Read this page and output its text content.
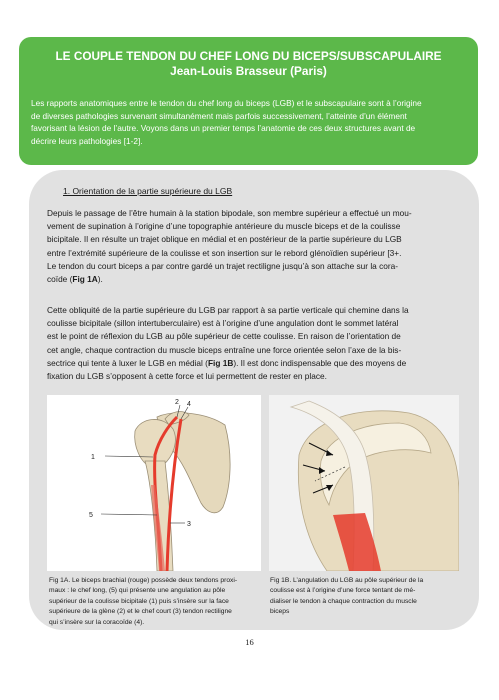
LE COUPLE TENDON DU CHEF LONG DU BICEPS/SUBSCAPULAIRE
Jean-Louis Brasseur (Paris)
Les rapports anatomiques entre le tendon du chef long du biceps (LGB) et le subscapulaire sont à l’origine
de diverses pathologies survenant simultanément mais parfois successivement, l’atteinte d’un élément
favorisant la lésion de l’autre. Voyons dans un premier temps l’anatomie de ces deux structures avant de
décrire leurs pathologies [1-2].
1. Orientation de la partie supérieure du LGB
Depuis le passage de l’être humain à la station bipodale, son membre supérieur a effectué un mou-
vement de supination à l’origine d’une topographie antérieure du muscle biceps et de la coulisse
bicipitale. Il en résulte un trajet oblique en médial et en postérieur de la partie supérieure du LGB
entre l’extrémité supérieure de la coulisse et son insertion sur le rebord glénoïdien supérieur [3+.
Le tendon du court biceps a par contre gardé un trajet rectiligne jusqu’à son attache sur la cora-
coïde (Fig 1A).
Cette obliquité de la partie supérieure du LGB par rapport à sa partie verticale qui chemine dans la
coulisse bicipitale (sillon intertuberculaire) est à l’origine d’une angulation dont le sommet latéral
est le point de réflexion du LGB au pôle supérieur de cette coulisse. En raison de l’orientation de
cet angle, chaque contraction du muscle biceps entraîne une force orientée selon l’axe de la bis-
sectrice qui tente à luxer le LGB en médial (Fig 1B). Il est donc indispensable que des moyens de
fixation du LGB s’opposent à cette force et lui permettent de rester en place.
2 4
1
5
3
Fig 1A. Le biceps brachial (rouge) possède deux tendons proxi-
maux : le chef long, (5) qui présente une angulation au pôle
supérieur de la coulisse bicipitale (1) puis s’insère sur la face
supérieure de la glène (2) et le chef court (3) tendon rectiligne
qui s’insère sur la coracoïde (4).
Fig 1B. L’angulation du LGB au pôle supérieur de la
coulisse est à l’origine d’une force tentant de mé-
dialiser le tendon à chaque contraction du muscle
biceps
16
